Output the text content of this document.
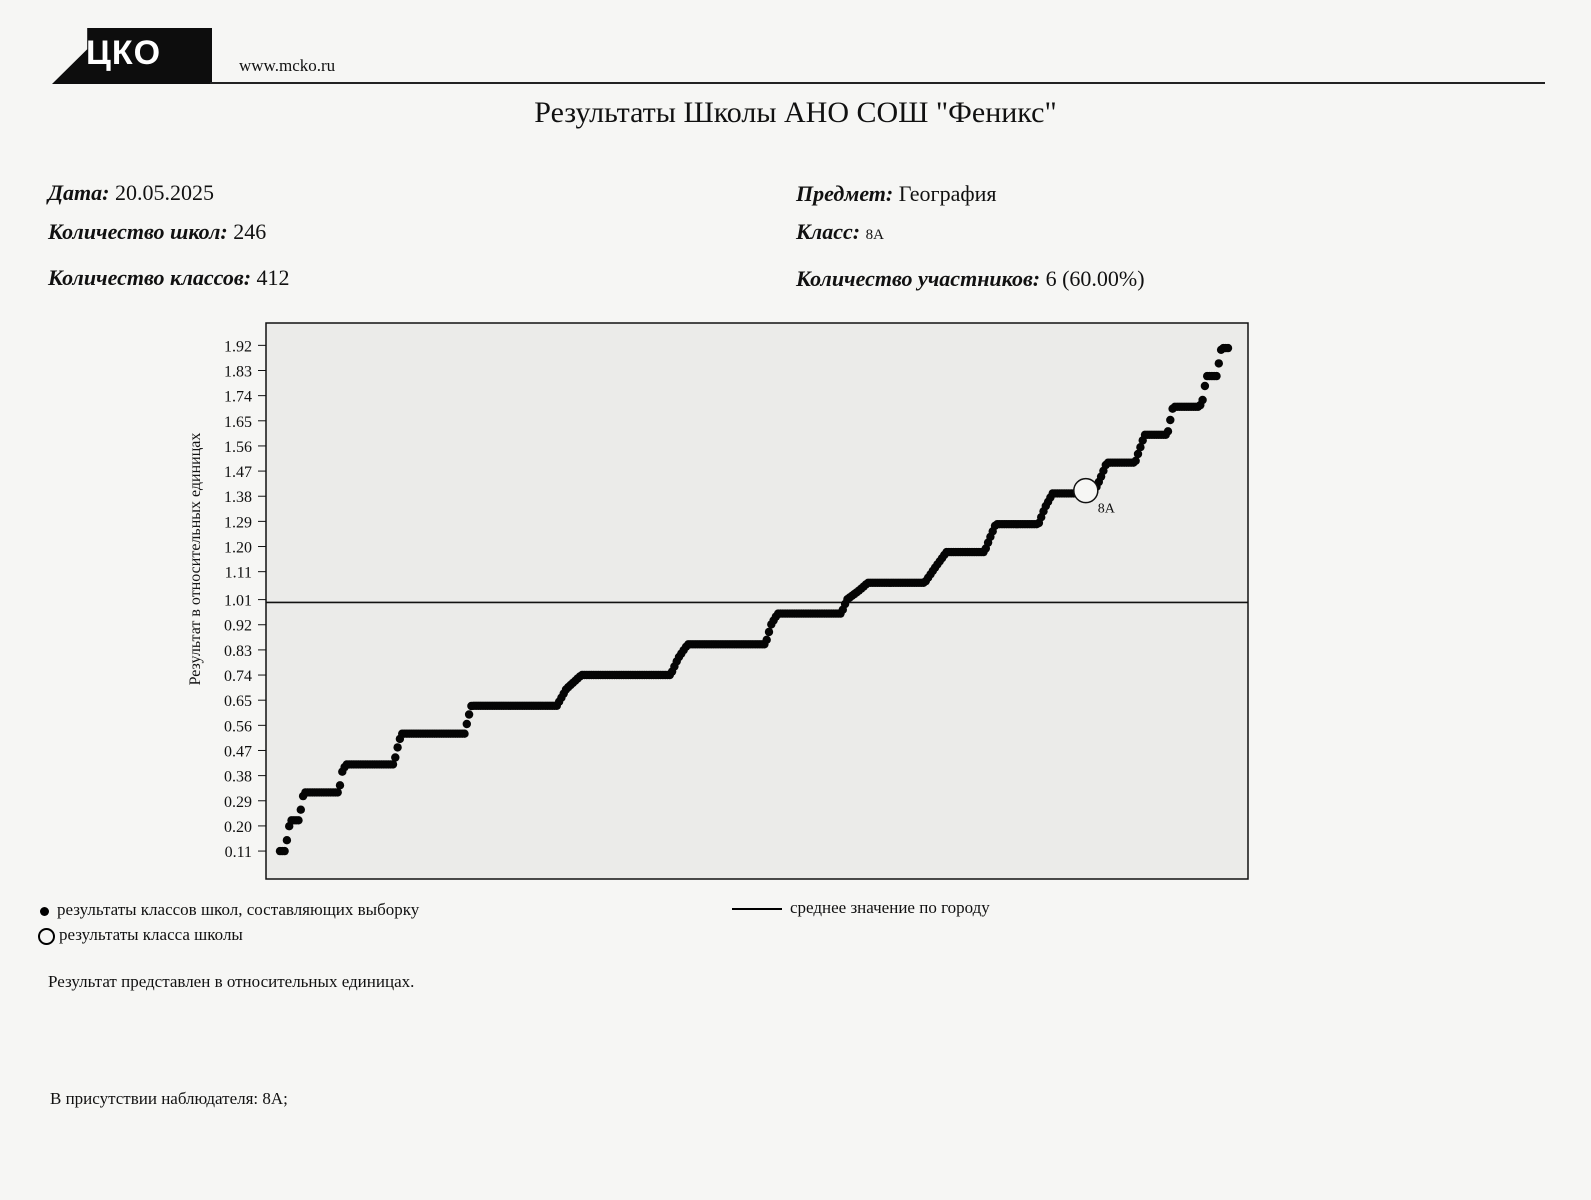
ЦКО	www.mcko.ru
Результаты Школы АНО СОШ "Феникс"
Дата: 20.05.2025
Количество школ: 246
Количество классов: 412
Предмет: География
Класс: 8А
Количество участников: 6 (60.00%)
0.11
0.20
0.29
0.38
0.47
0.56
0.65
0.74
0.83
0.92
1.01
1.11
1.20
1.29
1.38
1.47
1.56
1.65
1.74
1.83
1.92
Результат в относительных единицах	8А
результаты классов школ, составляющих выборку
результаты класса школы
среднее значение по городу
Результат представлен в относительных единицах.
В присутствии наблюдателя: 8А;
